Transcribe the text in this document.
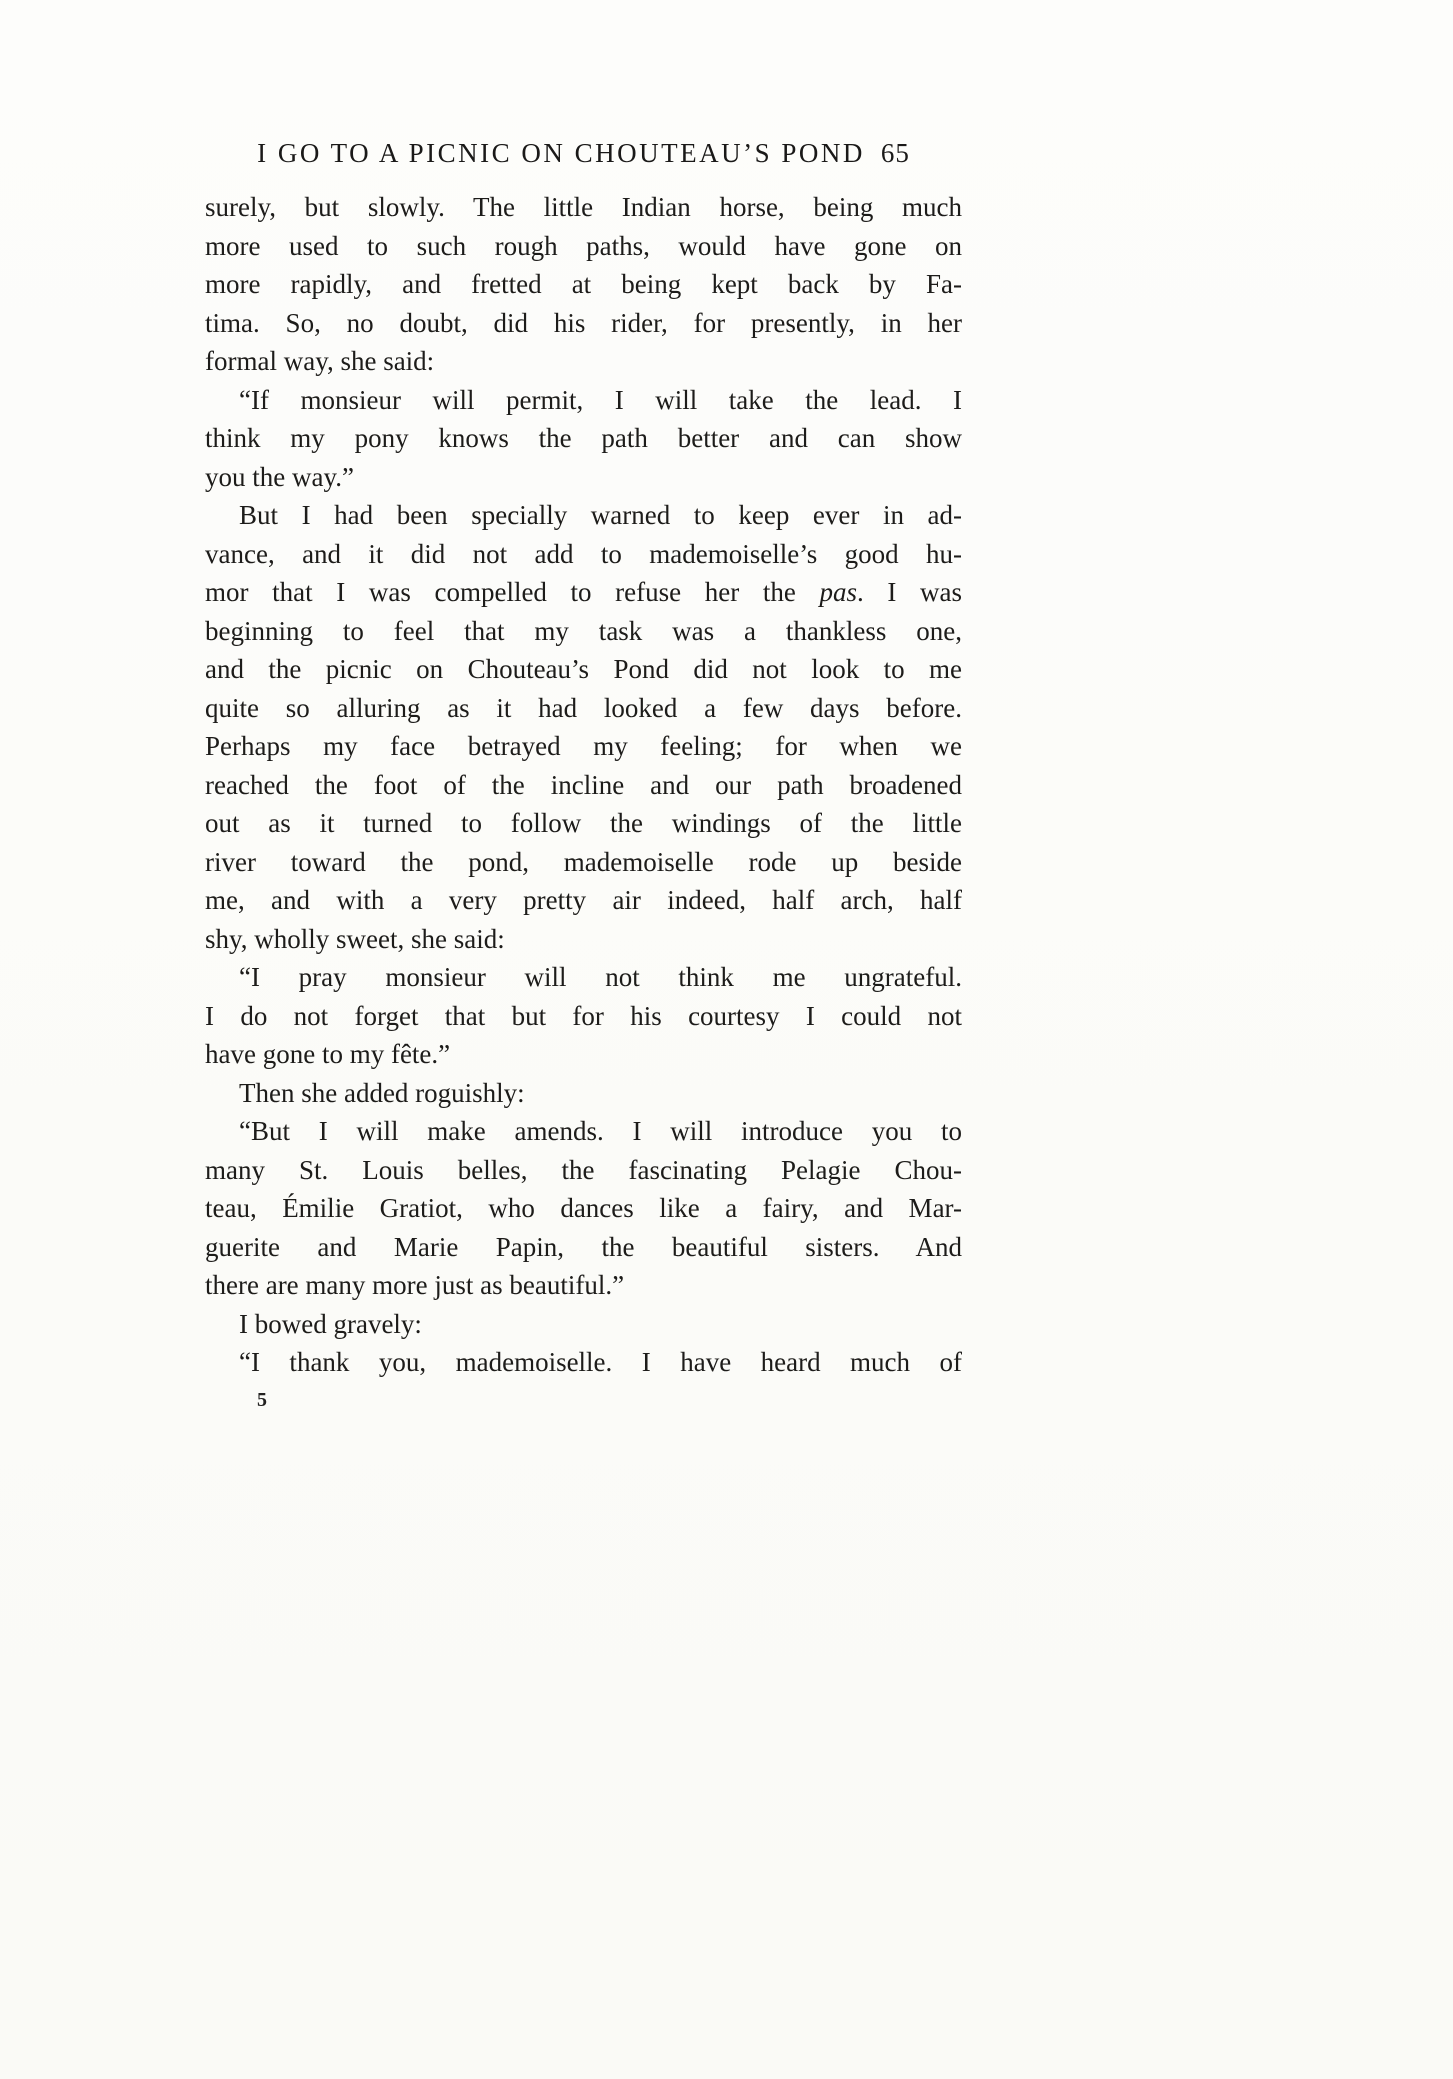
I GO TO A PICNIC ON CHOUTEAU’S POND 65
surely, but slowly. The little Indian horse, being much
more used to such rough paths, would have gone on
more rapidly, and fretted at being kept back by Fa-
tima. So, no doubt, did his rider, for presently, in her
formal way, she said:
“If monsieur will permit, I will take the lead. I
think my pony knows the path better and can show
you the way.”
But I had been specially warned to keep ever in ad-
vance, and it did not add to mademoiselle’s good hu-
mor that I was compelled to refuse her the pas. I was
beginning to feel that my task was a thankless one,
and the picnic on Chouteau’s Pond did not look to me
quite so alluring as it had looked a few days before.
Perhaps my face betrayed my feeling; for when we
reached the foot of the incline and our path broadened
out as it turned to follow the windings of the little
river toward the pond, mademoiselle rode up beside
me, and with a very pretty air indeed, half arch, half
shy, wholly sweet, she said:
“I pray monsieur will not think me ungrateful.
I do not forget that but for his courtesy I could not
have gone to my fête.”
Then she added roguishly:
“But I will make amends. I will introduce you to
many St. Louis belles, the fascinating Pelagie Chou-
teau, Émilie Gratiot, who dances like a fairy, and Mar-
guerite and Marie Papin, the beautiful sisters. And
there are many more just as beautiful.”
I bowed gravely:
“I thank you, mademoiselle. I have heard much of
5
